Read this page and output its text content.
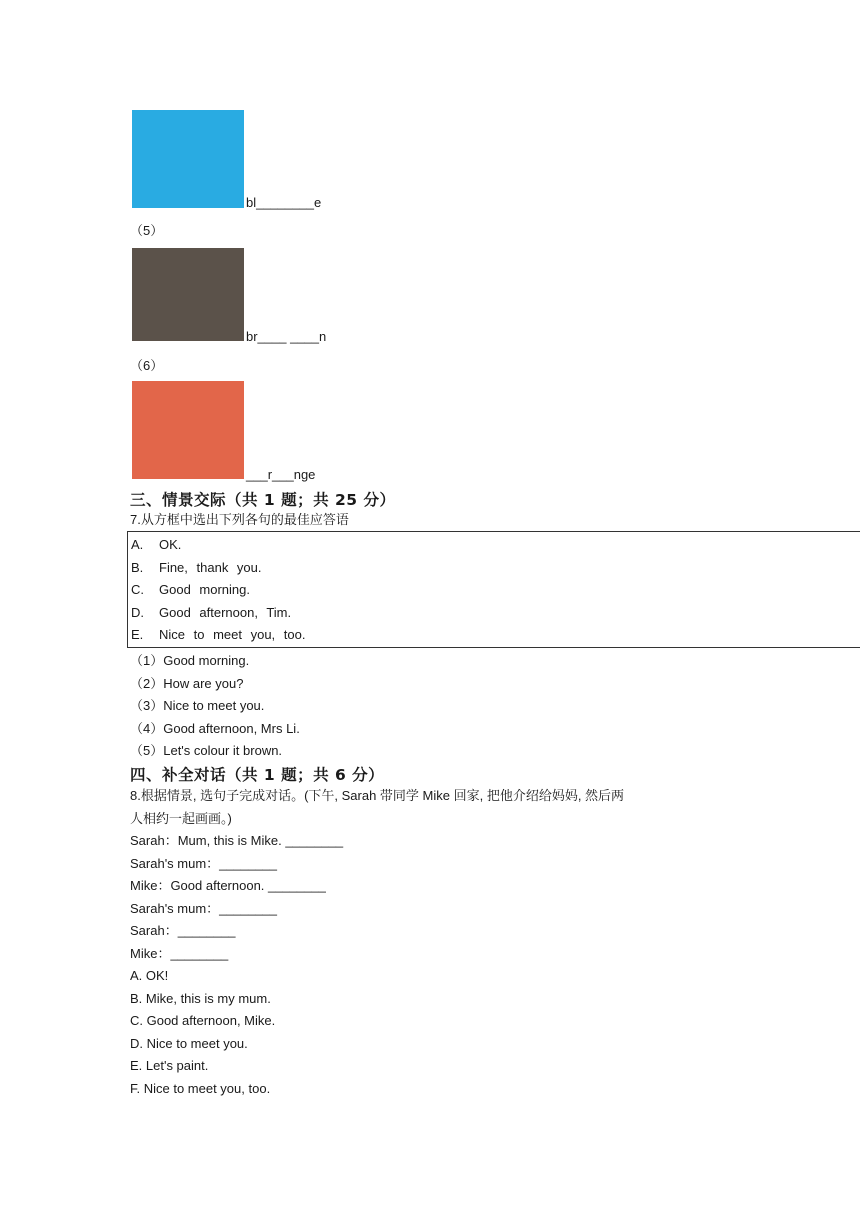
bl________e
（5）
br____ ____n
（6）
___r___nge
三、情景交际（共 1 题；共 25 分）
7.从方框中选出下列各句的最佳应答语
A. OK.
B. Fine, thank you.
C. Good morning.
D. Good afternoon, Tim.
E. Nice to meet you, too.
（1）Good morning.
（2）How are you?
（3）Nice to meet you.
（4）Good afternoon, Mrs Li.
（5）Let's colour it brown.
四、补全对话（共 1 题；共 6 分）
8.根据情景, 选句子完成对话。(下午, Sarah 带同学 Mike 回家, 把他介绍给妈妈, 然后两
人相约一起画画。)
Sarah：Mum, this is Mike. ________
Sarah's mum：________
Mike：Good afternoon. ________
Sarah's mum：________
Sarah：________
Mike：________
A. OK!
B. Mike, this is my mum.
C. Good afternoon, Mike.
D. Nice to meet you.
E. Let's paint.
F. Nice to meet you, too.
